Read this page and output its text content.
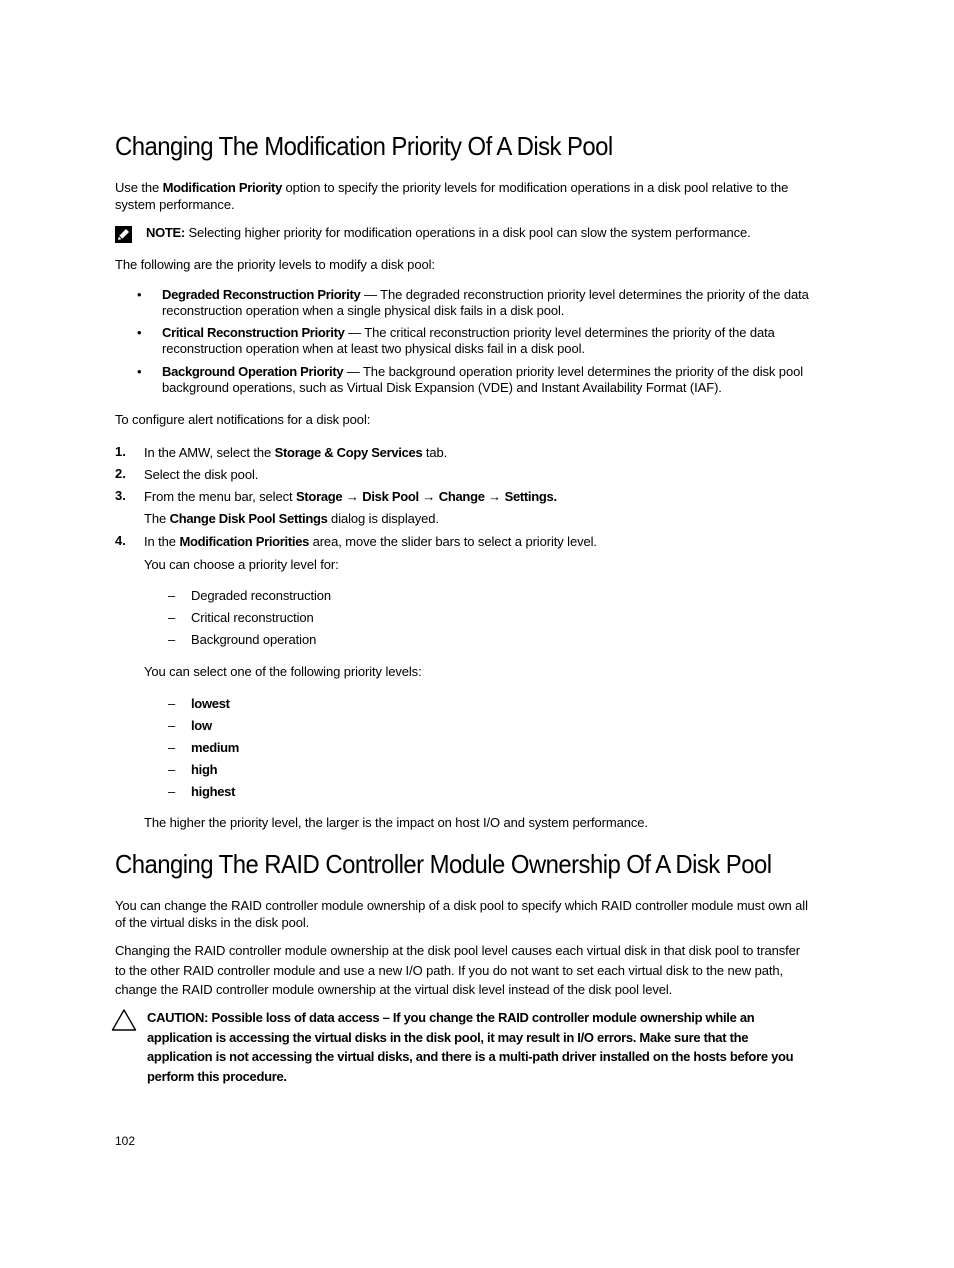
Changing The Modification Priority Of A Disk Pool

Use the Modification Priority option to specify the priority levels for modification operations in a disk pool relative to the system performance.

NOTE: Selecting higher priority for modification operations in a disk pool can slow the system performance.

The following are the priority levels to modify a disk pool:

• Degraded Reconstruction Priority — The degraded reconstruction priority level determines the priority of the data reconstruction operation when a single physical disk fails in a disk pool.

• Critical Reconstruction Priority — The critical reconstruction priority level determines the priority of the data reconstruction operation when at least two physical disks fail in a disk pool.

• Background Operation Priority — The background operation priority level determines the priority of the disk pool background operations, such as Virtual Disk Expansion (VDE) and Instant Availability Format (IAF).

To configure alert notifications for a disk pool:

1. In the AMW, select the Storage & Copy Services tab.

2. Select the disk pool.

3. From the menu bar, select Storage → Disk Pool → Change → Settings.

The Change Disk Pool Settings dialog is displayed.

4. In the Modification Priorities area, move the slider bars to select a priority level.

You can choose a priority level for:

–	Degraded reconstruction
–	Critical reconstruction
–	Background operation

You can select one of the following priority levels:

–	lowest
–	low
–	medium
–	high
–	highest

The higher the priority level, the larger is the impact on host I/O and system performance.

Changing The RAID Controller Module Ownership Of A Disk Pool

You can change the RAID controller module ownership of a disk pool to specify which RAID controller module must own all of the virtual disks in the disk pool.

Changing the RAID controller module ownership at the disk pool level causes each virtual disk in that disk pool to transfer to the other RAID controller module and use a new I/O path. If you do not want to set each virtual disk to the new path, change the RAID controller module ownership at the virtual disk level instead of the disk pool level.

CAUTION: Possible loss of data access – If you change the RAID controller module ownership while an application is accessing the virtual disks in the disk pool, it may result in I/O errors. Make sure that the application is not accessing the virtual disks, and there is a multi-path driver installed on the hosts before you perform this procedure.

102
